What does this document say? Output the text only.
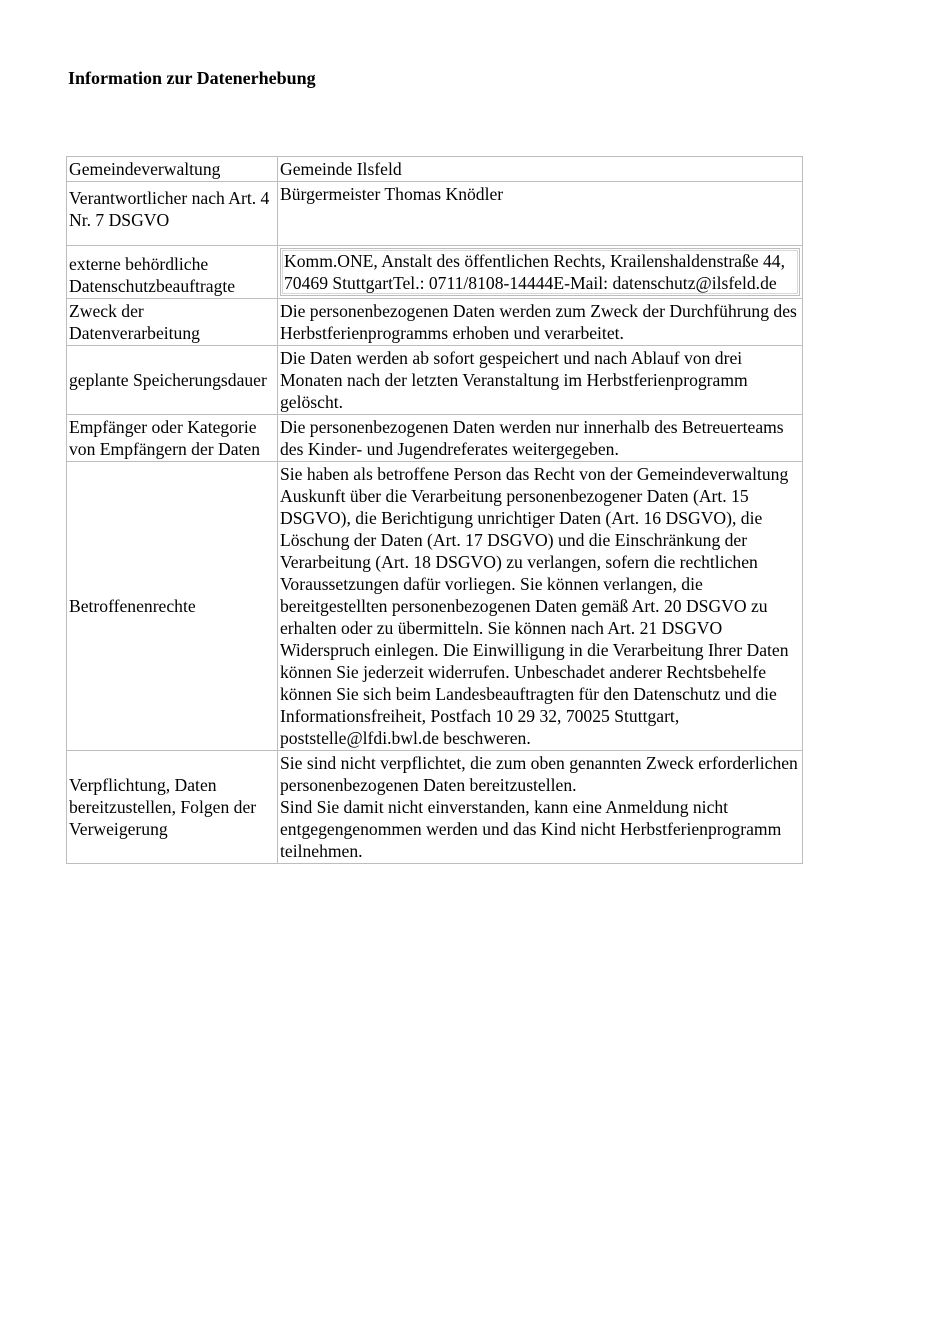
Information zur Datenerhebung
Gemeindeverwaltung	Gemeinde Ilsfeld
Verantwortlicher nach Art. 4 Nr. 7 DSGVO	Bürgermeister Thomas Knödler
externe behördliche Datenschutzbeauftragte	Komm.ONE, Anstalt des öffentlichen Rechts, Krailenshaldenstraße 44, 70469 StuttgartTel.: 0711/8108-14444E-Mail: datenschutz@ilsfeld.de

Zweck der Datenverarbeitung	Die personenbezogenen Daten werden zum Zweck der Durchführung des Herbstferienprogramms erhoben und verarbeitet.
geplante Speicherungsdauer	Die Daten werden ab sofort gespeichert und nach Ablauf von drei Monaten nach der letzten Veranstaltung im Herbstferienprogramm gelöscht.
Empfänger oder Kategorie von Empfängern der Daten	Die personenbezogenen Daten werden nur innerhalb des Betreuerteams des Kinder- und Jugendreferates weitergegeben.
Betroffenenrechte	Sie haben als betroffene Person das Recht von der Gemeindeverwaltung Auskunft über die Verarbeitung personenbezogener Daten (Art. 15 DSGVO), die Berichtigung unrichtiger Daten (Art. 16 DSGVO), die Löschung der Daten (Art. 17 DSGVO) und die Einschränkung der Verarbeitung (Art. 18 DSGVO) zu verlangen, sofern die rechtlichen Voraussetzungen dafür vorliegen. Sie können verlangen, die bereitgestellten personenbezogenen Daten gemäß Art. 20 DSGVO zu erhalten oder zu übermitteln. Sie können nach Art. 21 DSGVO Widerspruch einlegen. Die Einwilligung in die Verarbeitung Ihrer Daten können Sie jederzeit widerrufen. Unbeschadet anderer Rechtsbehelfe können Sie sich beim Landesbeauftragten für den Datenschutz und die Informationsfreiheit, Postfach 10 29 32, 70025 Stuttgart, poststelle@lfdi.bwl.de beschweren.
Verpflichtung, Daten bereitzustellen, Folgen der Verweigerung	Sie sind nicht verpflichtet, die zum oben genannten Zweck erforderlichen personenbezogenen Daten bereitzustellen.
Sind Sie damit nicht einverstanden, kann eine Anmeldung nicht entgegengenommen werden und das Kind nicht Herbstferienprogramm teilnehmen.
